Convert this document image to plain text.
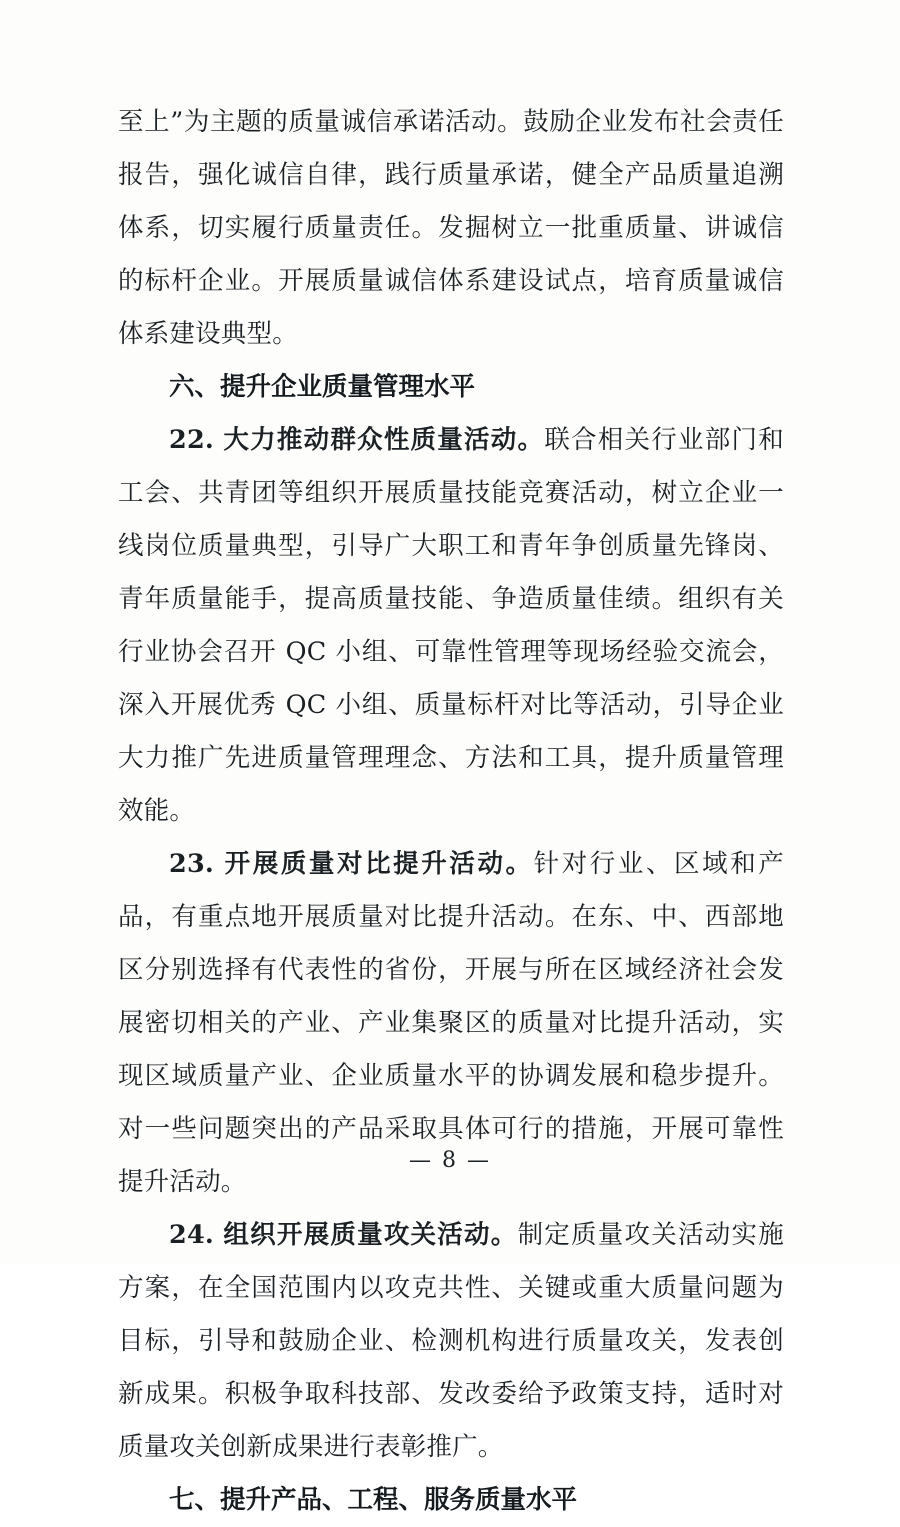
至上”为主题的质量诚信承诺活动。鼓励企业发布社会责任报告，强化诚信自律，践行质量承诺，健全产品质量追溯体系，切实履行质量责任。发掘树立一批重质量、讲诚信的标杆企业。开展质量诚信体系建设试点，培育质量诚信体系建设典型。

六、提升企业质量管理水平

22. 大力推动群众性质量活动。联合相关行业部门和工会、共青团等组织开展质量技能竞赛活动，树立企业一线岗位质量典型，引导广大职工和青年争创质量先锋岗、青年质量能手，提高质量技能、争造质量佳绩。组织有关行业协会召开 QC 小组、可靠性管理等现场经验交流会，深入开展优秀 QC 小组、质量标杆对比等活动，引导企业大力推广先进质量管理理念、方法和工具，提升质量管理效能。

23. 开展质量对比提升活动。针对行业、区域和产品，有重点地开展质量对比提升活动。在东、中、西部地区分别选择有代表性的省份，开展与所在区域经济社会发展密切相关的产业、产业集聚区的质量对比提升活动，实现区域质量产业、企业质量水平的协调发展和稳步提升。对一些问题突出的产品采取具体可行的措施，开展可靠性提升活动。

24. 组织开展质量攻关活动。制定质量攻关活动实施方案，在全国范围内以攻克共性、关键或重大质量问题为目标，引导和鼓励企业、检测机构进行质量攻关，发表创新成果。积极争取科技部、发改委给予政策支持，适时对质量攻关创新成果进行表彰推广。

七、提升产品、工程、服务质量水平
— 8 —
